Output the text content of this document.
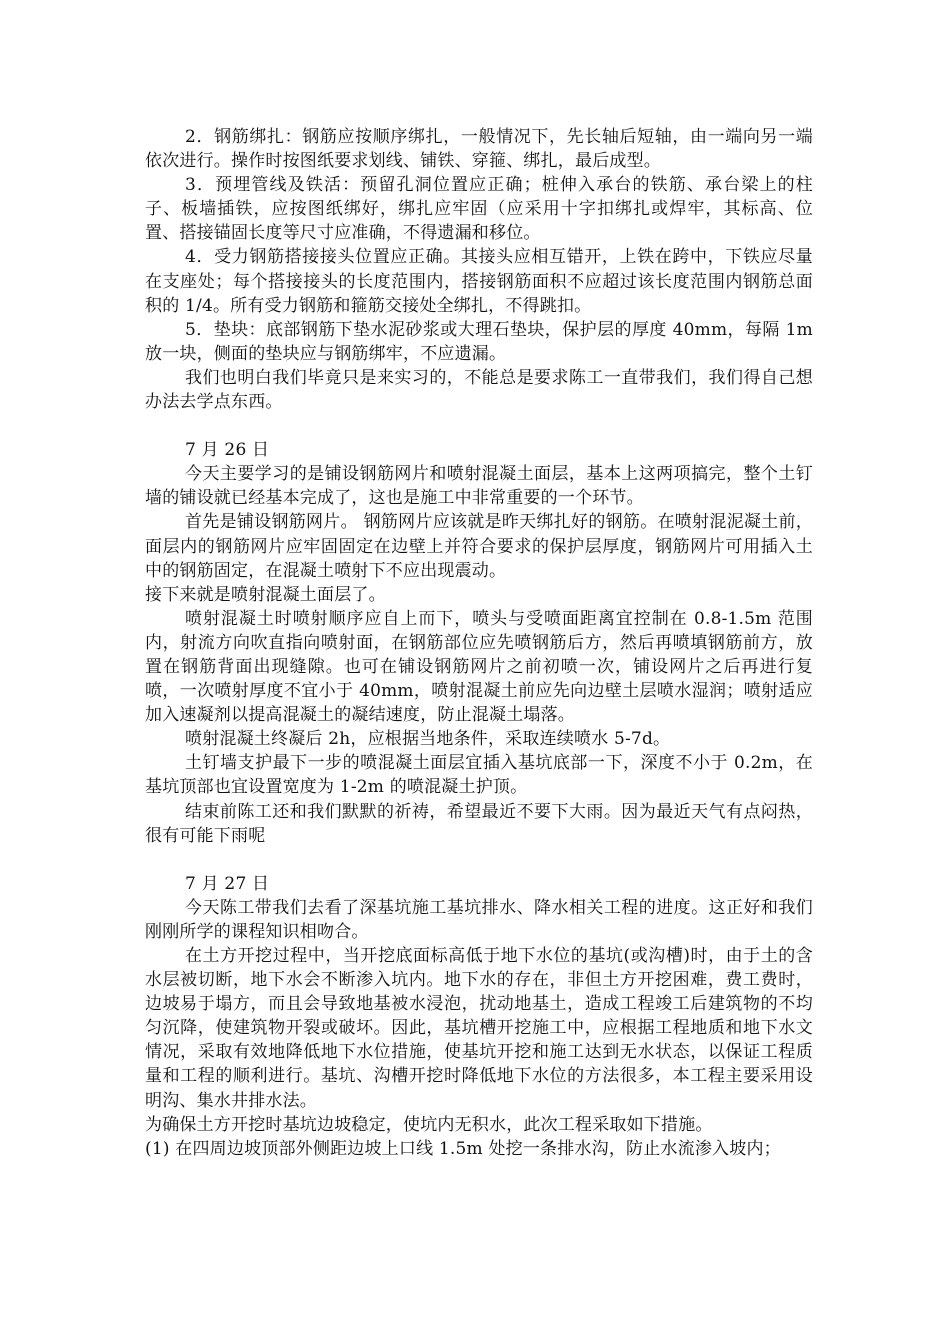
2．钢筋绑扎：钢筋应按顺序绑扎，一般情况下，先长轴后短轴，由一端向另一端依次进行。操作时按图纸要求划线、铺铁、穿箍、绑扎，最后成型。

3．预埋管线及铁活：预留孔洞位置应正确；桩伸入承台的铁筋、承台梁上的柱子、板墙插铁，应按图纸绑好，绑扎应牢固（应采用十字扣绑扎或焊牢，其标高、位置、搭接锚固长度等尺寸应准确，不得遗漏和移位。

4．受力钢筋搭接接头位置应正确。其接头应相互错开，上铁在跨中，下铁应尽量在支座处；每个搭接接头的长度范围内，搭接钢筋面积不应超过该长度范围内钢筋总面积的 1/4。所有受力钢筋和箍筋交接处全绑扎，不得跳扣。

5．垫块：底部钢筋下垫水泥砂浆或大理石垫块，保护层的厚度 40mm，每隔 1m 放一块，侧面的垫块应与钢筋绑牢，不应遗漏。

我们也明白我们毕竟只是来实习的，不能总是要求陈工一直带我们，我们得自己想办法去学点东西。

7 月 26 日

今天主要学习的是铺设钢筋网片和喷射混凝土面层，基本上这两项搞完，整个土钉墙的铺设就已经基本完成了，这也是施工中非常重要的一个环节。

首先是铺设钢筋网片。 钢筋网片应该就是昨天绑扎好的钢筋。在喷射混泥凝土前，面层内的钢筋网片应牢固固定在边壁上并符合要求的保护层厚度，钢筋网片可用插入土中的钢筋固定，在混凝土喷射下不应出现震动。

接下来就是喷射混凝土面层了。

喷射混凝土时喷射顺序应自上而下，喷头与受喷面距离宜控制在 0.8-1.5m 范围内，射流方向吹直指向喷射面，在钢筋部位应先喷钢筋后方，然后再喷填钢筋前方，放置在钢筋背面出现缝隙。也可在铺设钢筋网片之前初喷一次，铺设网片之后再进行复喷，一次喷射厚度不宜小于 40mm，喷射混凝土前应先向边壁土层喷水湿润；喷射适应加入速凝剂以提高混凝土的凝结速度，防止混凝土塌落。

喷射混凝土终凝后 2h，应根据当地条件，采取连续喷水 5-7d。

土钉墙支护最下一步的喷混凝土面层宜插入基坑底部一下，深度不小于 0.2m，在基坑顶部也宜设置宽度为 1-2m 的喷混凝土护顶。

结束前陈工还和我们默默的祈祷，希望最近不要下大雨。因为最近天气有点闷热，很有可能下雨呢

7 月 27 日

今天陈工带我们去看了深基坑施工基坑排水、降水相关工程的进度。这正好和我们刚刚所学的课程知识相吻合。

在土方开挖过程中，当开挖底面标高低于地下水位的基坑(或沟槽)时，由于土的含水层被切断，地下水会不断渗入坑内。地下水的存在，非但土方开挖困难，费工费时，边坡易于塌方，而且会导致地基被水浸泡，扰动地基土，造成工程竣工后建筑物的不均匀沉降，使建筑物开裂或破坏。因此，基坑槽开挖施工中，应根据工程地质和地下水文情况，采取有效地降低地下水位措施，使基坑开挖和施工达到无水状态，以保证工程质量和工程的顺利进行。基坑、沟槽开挖时降低地下水位的方法很多，本工程主要采用设明沟、集水井排水法。

为确保土方开挖时基坑边坡稳定，使坑内无积水，此次工程采取如下措施。

(1) 在四周边坡顶部外侧距边坡上口线 1.5m 处挖一条排水沟，防止水流渗入坡内；
